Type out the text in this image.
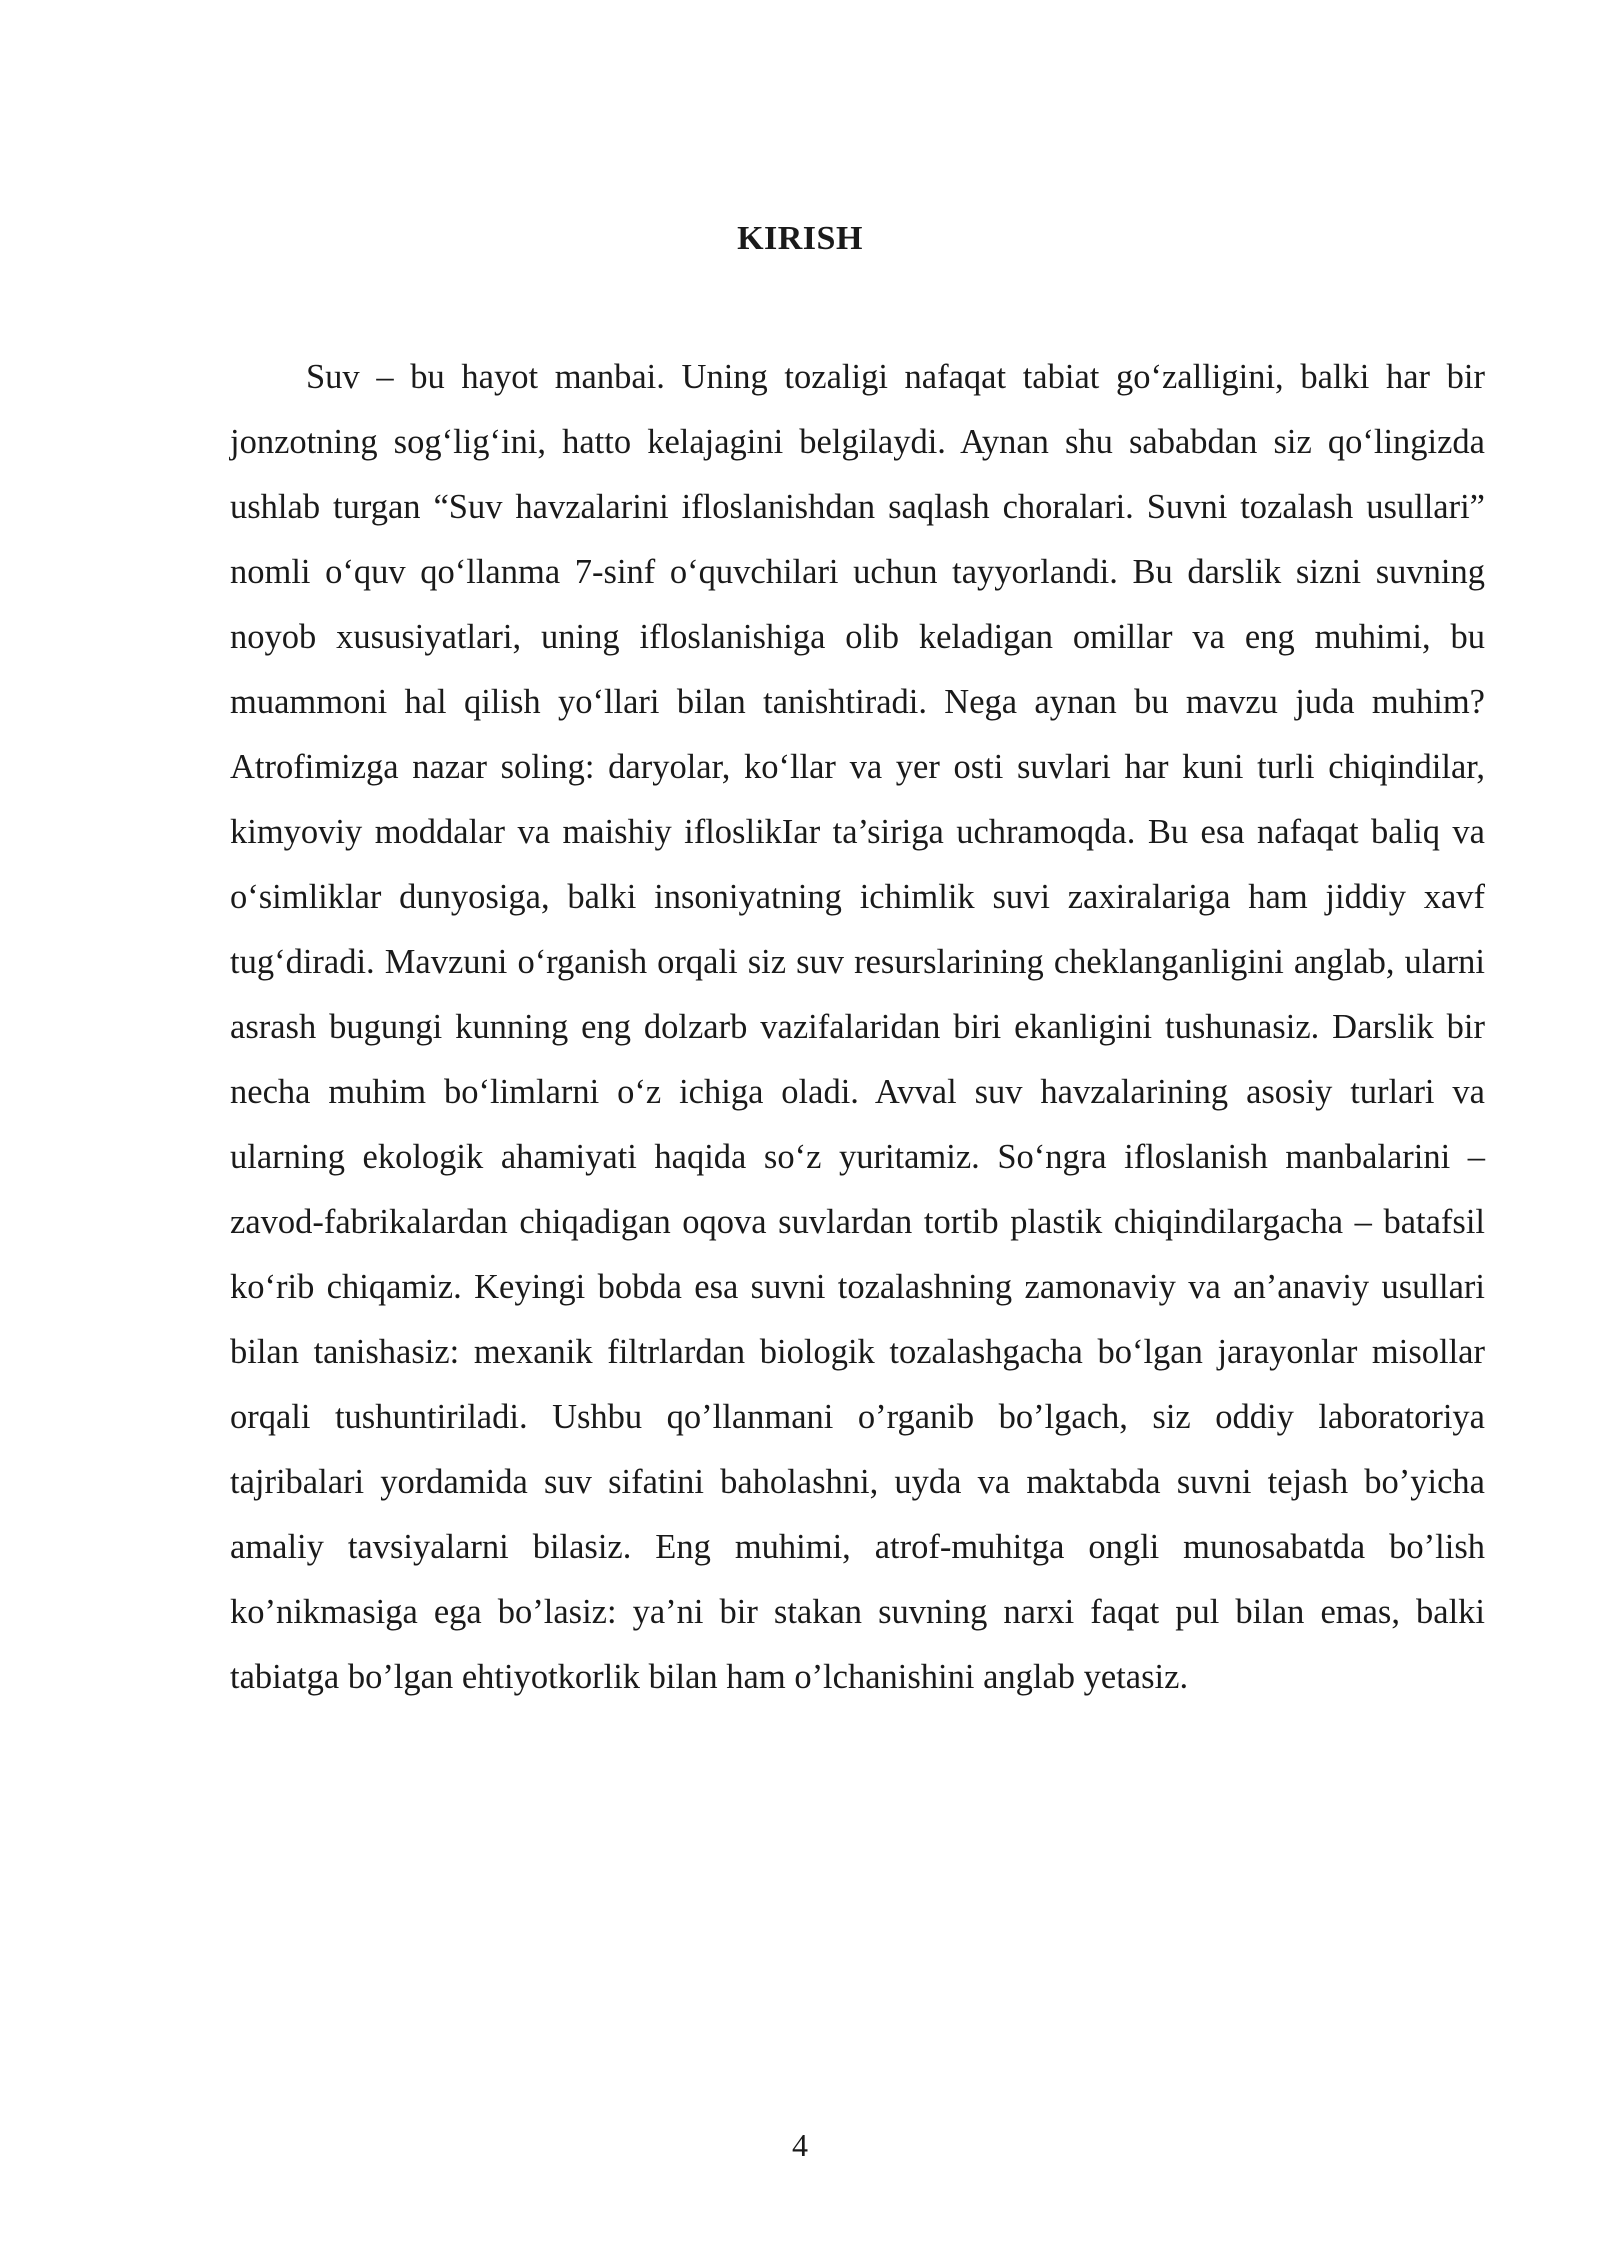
KIRISH

Suv – bu hayot manbai. Uning tozaligi nafaqat tabiat go‘zalligini, balki har bir jonzotning sog‘lig‘ini, hatto kelajagini belgilaydi. Aynan shu sababdan siz qo‘lingizda ushlab turgan “Suv havzalarini ifloslanishdan saqlash choralari. Suvni tozalash usullari” nomli o‘quv qo‘llanma 7-sinf o‘quvchilari uchun tayyorlandi. Bu darslik sizni suvning noyob xususiyatlari, uning ifloslanishiga olib keladigan omillar va eng muhimi, bu muammoni hal qilish yo‘llari bilan tanishtiradi. Nega aynan bu mavzu juda muhim? Atrofimizga nazar soling: daryolar, ko‘llar va yer osti suvlari har kuni turli chiqindilar, kimyoviy moddalar va maishiy ifloslikIar ta’siriga uchramoqda. Bu esa nafaqat baliq va o‘simliklar dunyosiga, balki insoniyatning ichimlik suvi zaxiralariga ham jiddiy xavf tug‘diradi. Mavzuni o‘rganish orqali siz suv resurslarining cheklanganligini anglab, ularni asrash bugungi kunning eng dolzarb vazifalaridan biri ekanligini tushunasiz. Darslik bir necha muhim bo‘limlarni o‘z ichiga oladi. Avval suv havzalarining asosiy turlari va ularning ekologik ahamiyati haqida so‘z yuritamiz. So‘ngra ifloslanish manbalarini – zavod-fabrikalardan chiqadigan oqova suvlardan tortib plastik chiqindilargacha – batafsil ko‘rib chiqamiz. Keyingi bobda esa suvni tozalashning zamonaviy va an’anaviy usullari bilan tanishasiz: mexanik filtrlardan biologik tozalashgacha bo‘lgan jarayonlar misollar orqali tushuntiriladi. Ushbu qo’llanmani o’rganib bo’lgach, siz oddiy laboratoriya tajribalari yordamida suv sifatini baholashni, uyda va maktabda suvni tejash bo’yicha amaliy tavsiyalarni bilasiz. Eng muhimi, atrof-muhitga ongli munosabatda bo’lish ko’nikmasiga ega bo’lasiz: ya’ni bir stakan suvning narxi faqat pul bilan emas, balki tabiatga bo’lgan ehtiyotkorlik bilan ham o’lchanishini anglab yetasiz.

4
